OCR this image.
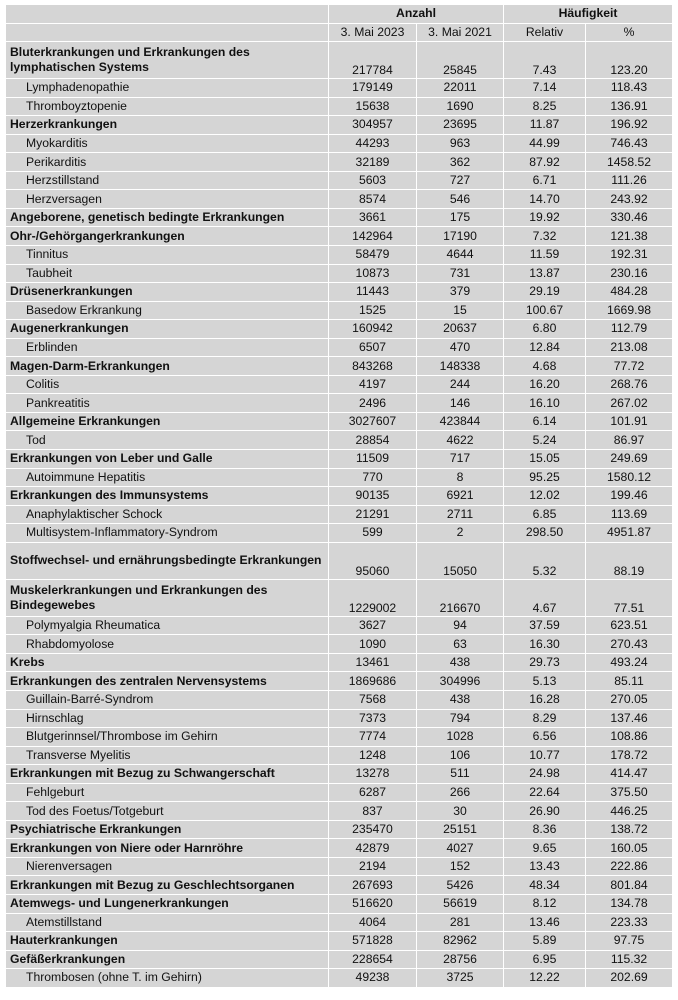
	Anzahl		Häufigkeit	
	3. Mai 2023	3. Mai 2021	Relativ	%
Bluterkrankungen und Erkrankungen des lymphatischen Systems	217784	25845	7.43	123.20
Lymphadenopathie	179149	22011	7.14	118.43
Thromboyztopenie	15638	1690	8.25	136.91
Herzerkrankungen	304957	23695	11.87	196.92
Myokarditis	44293	963	44.99	746.43
Perikarditis	32189	362	87.92	1458.52
Herzstillstand	5603	727	6.71	111.26
Herzversagen	8574	546	14.70	243.92
Angeborene, genetisch bedingte Erkrankungen	3661	175	19.92	330.46
Ohr-/Gehörgangerkrankungen	142964	17190	7.32	121.38
Tinnitus	58479	4644	11.59	192.31
Taubheit	10873	731	13.87	230.16
Drüsenerkrankungen	11443	379	29.19	484.28
Basedow Erkrankung	1525	15	100.67	1669.98
Augenerkrankungen	160942	20637	6.80	112.79
Erblinden	6507	470	12.84	213.08
Magen-Darm-Erkrankungen	843268	148338	4.68	77.72
Colitis	4197	244	16.20	268.76
Pankreatitis	2496	146	16.10	267.02
Allgemeine Erkrankungen	3027607	423844	6.14	101.91
Tod	28854	4622	5.24	86.97
Erkrankungen von Leber und Galle	11509	717	15.05	249.69
Autoimmune Hepatitis	770	8	95.25	1580.12
Erkrankungen des Immunsystems	90135	6921	12.02	199.46
Anaphylaktischer Schock	21291	2711	6.85	113.69
Multisystem-Inflammatory-Syndrom	599	2	298.50	4951.87
Stoffwechsel- und ernährungsbedingte Erkrankungen	95060	15050	5.32	88.19
Muskelerkrankungen und Erkrankungen des Bindegewebes	1229002	216670	4.67	77.51
Polymyalgia Rheumatica	3627	94	37.59	623.51
Rhabdomyolose	1090	63	16.30	270.43
Krebs	13461	438	29.73	493.24
Erkrankungen des zentralen Nervensystems	1869686	304996	5.13	85.11
Guillain-Barré-Syndrom	7568	438	16.28	270.05
Hirnschlag	7373	794	8.29	137.46
Blutgerinnsel/Thrombose im Gehirn	7774	1028	6.56	108.86
Transverse Myelitis	1248	106	10.77	178.72
Erkrankungen mit Bezug zu Schwangerschaft	13278	511	24.98	414.47
Fehlgeburt	6287	266	22.64	375.50
Tod des Foetus/Totgeburt	837	30	26.90	446.25
Psychiatrische Erkrankungen	235470	25151	8.36	138.72
Erkrankungen von Niere oder Harnröhre	42879	4027	9.65	160.05
Nierenversagen	2194	152	13.43	222.86
Erkrankungen mit Bezug zu Geschlechtsorganen	267693	5426	48.34	801.84
Atemwegs- und Lungenerkrankungen	516620	56619	8.12	134.78
Atemstillstand	4064	281	13.46	223.33
Hauterkrankungen	571828	82962	5.89	97.75
Gefäßerkrankungen	228654	28756	6.95	115.32
Thrombosen (ohne T. im Gehirn)	49238	3725	12.22	202.69
